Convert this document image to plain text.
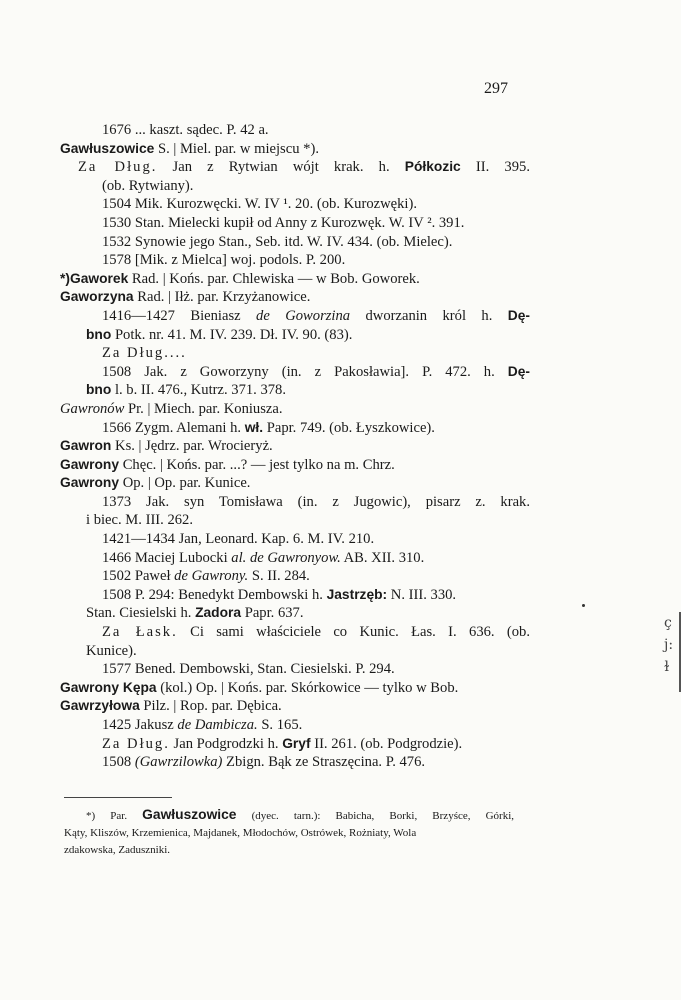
297
1676 ... kaszt. sądec. P. 42 a.
Gawłuszowice S. | Miel. par. w miejscu *).
Za Dług. Jan z Rytwian wójt krak. h. Półkozic II. 395.
(ob. Rytwiany).
1504 Mik. Kurozwęcki. W. IV ¹. 20. (ob. Kurozwęki).
1530 Stan. Mielecki kupił od Anny z Kurozwęk. W. IV ². 391.
1532 Synowie jego Stan., Seb. itd. W. IV. 434. (ob. Mielec).
1578 [Mik. z Mielca] woj. podols. P. 200.
*)Gaworek Rad. | Końs. par. Chlewiska — w Bob. Goworek.
Gaworzyna Rad. | Iłż. par. Krzyżanowice.
1416—1427 Bieniasz de Goworzina dworzanin król h. Dę-
bno Potk. nr. 41. M. IV. 239. Dł. IV. 90. (83).
Za Dług....
1508 Jak. z Goworzyny (in. z Pakosławia]. P. 472. h. Dę-
bno l. b. II. 476., Kutrz. 371. 378.
Gawronów Pr. | Miech. par. Koniusza.
1566 Zygm. Alemani h. wł. Papr. 749. (ob. Łyszkowice).
Gawron Ks. | Jędrz. par. Wrocieryż.
Gawrony Chęc. | Końs. par. ...? — jest tylko na m. Chrz.
Gawrony Op. | Op. par. Kunice.
1373 Jak. syn Tomisława (in. z Jugowic), pisarz z. krak.
i biec. M. III. 262.
1421—1434 Jan, Leonard. Kap. 6. M. IV. 210.
1466 Maciej Lubocki al. de Gawronyow. AB. XII. 310.
1502 Paweł de Gawrony. S. II. 284.
1508 P. 294: Benedykt Dembowski h. Jastrzęb: N. III. 330.
Stan. Ciesielski h. Zadora Papr. 637.
Za Łask. Ci sami właściciele co Kunic. Łas. I. 636. (ob.
Kunice).
1577 Bened. Dembowski, Stan. Ciesielski. P. 294.
Gawrony Kępa (kol.) Op. | Końs. par. Skórkowice — tylko w Bob.
Gawrzyłowa Pilz. | Rop. par. Dębica.
1425 Jakusz de Dambicza. S. 165.
Za Dług. Jan Podgrodzki h. Gryf II. 261. (ob. Podgrodzie).
1508 (Gawrzilowka) Zbign. Bąk ze Straszęcina. P. 476.
*) Par. Gawłuszowice (dyec. tarn.): Babicha, Borki, Brzyśce, Górki,
Kąty, Kliszów, Krzemienica, Majdanek, Młodochów, Ostrówek, Rożniaty, Wola
zdakowska, Zaduszniki.
ç
j:
ɫ
